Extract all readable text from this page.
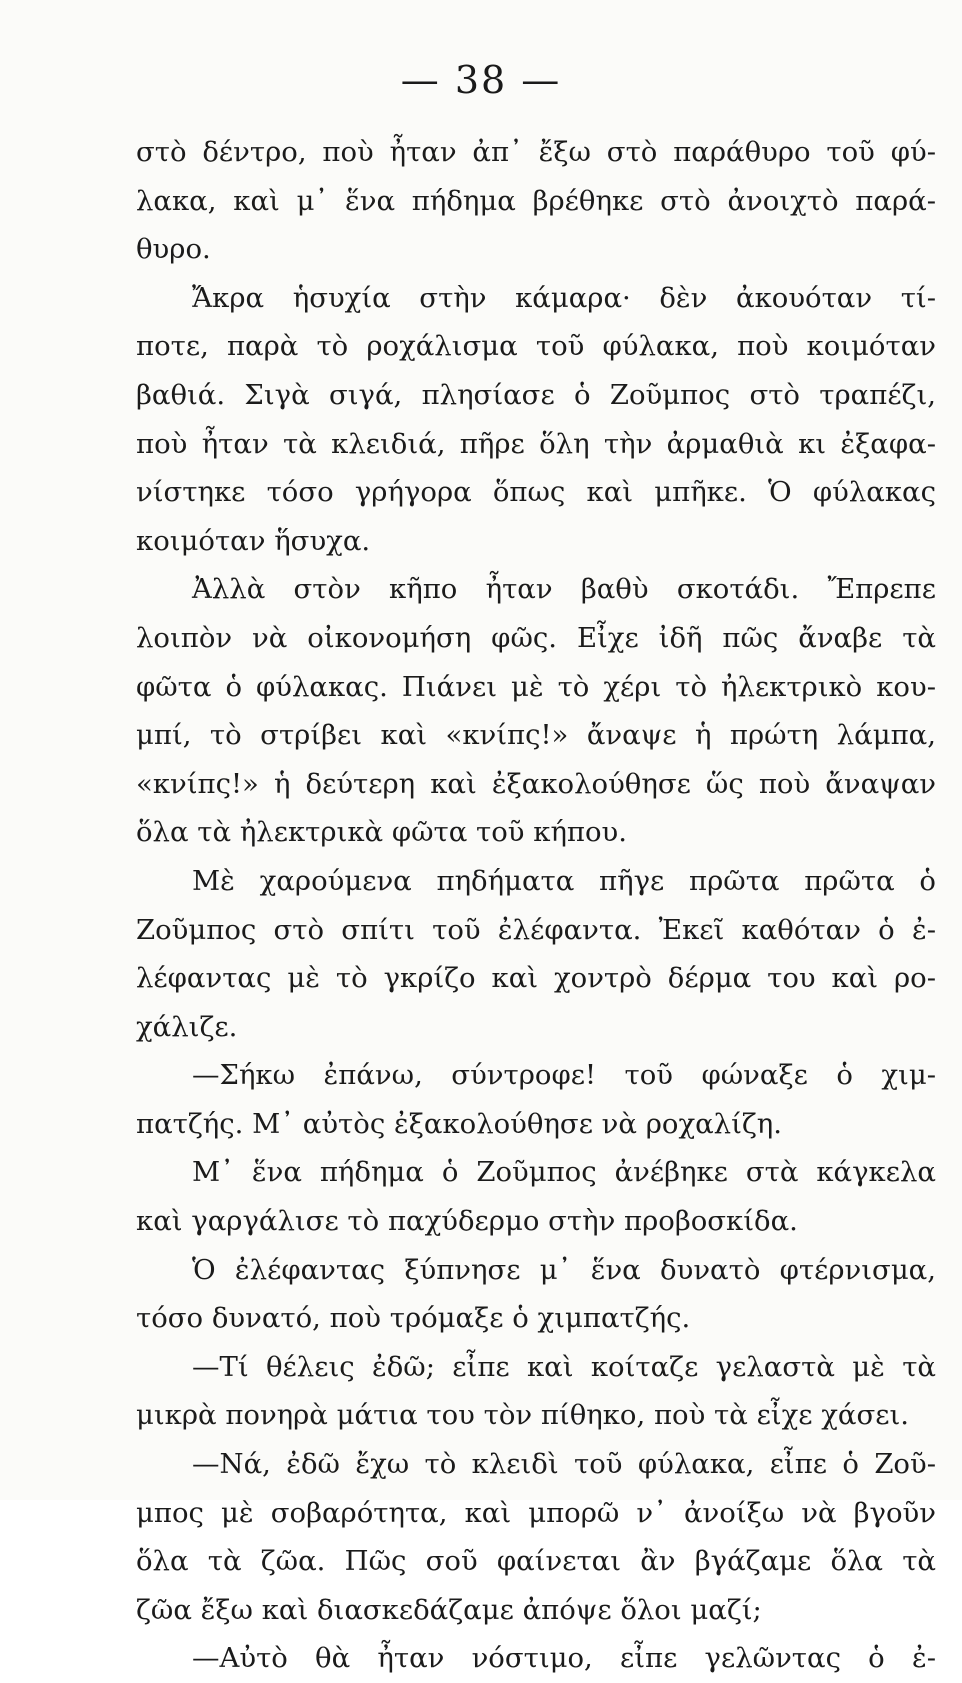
— 38 —
στὸ δέντρο, ποὺ ἦταν ἀπ᾽ ἔξω στὸ παράθυρο τοῦ φύ-
λακα, καὶ μ᾽ ἕνα πήδημα βρέθηκε στὸ ἀνοιχτὸ παρά-
θυρο.
Ἄκρα ἡσυχία στὴν κάμαρα· δὲν ἀκουόταν τί-
ποτε, παρὰ τὸ ροχάλισμα τοῦ φύλακα, ποὺ κοιμόταν
βαθιά. Σιγὰ σιγά, πλησίασε ὁ Ζοῦμπος στὸ τραπέζι,
ποὺ ἦταν τὰ κλειδιά, πῆρε ὅλη τὴν ἀρμαθιὰ κι ἐξαφα-
νίστηκε τόσο γρήγορα ὅπως καὶ μπῆκε. Ὁ φύλακας
κοιμόταν ἥσυχα.
Ἀλλὰ στὸν κῆπο ἦταν βαθὺ σκοτάδι. Ἔπρεπε
λοιπὸν νὰ οἰκονομήση φῶς. Εἶχε ἰδῆ πῶς ἄναβε τὰ
φῶτα ὁ φύλακας. Πιάνει μὲ τὸ χέρι τὸ ἠλεκτρικὸ κου-
μπί, τὸ στρίβει καὶ «κνίπς!» ἄναψε ἡ πρώτη λάμπα,
«κνίπς!» ἡ δεύτερη καὶ ἐξακολούθησε ὥς ποὺ ἄναψαν
ὅλα τὰ ἠλεκτρικὰ φῶτα τοῦ κήπου.
Μὲ χαρούμενα πηδήματα πῆγε πρῶτα πρῶτα ὁ
Ζοῦμπος στὸ σπίτι τοῦ ἐλέφαντα. Ἐκεῖ καθόταν ὁ ἐ-
λέφαντας μὲ τὸ γκρίζο καὶ χοντρὸ δέρμα του καὶ ρο-
χάλιζε.
—Σήκω ἐπάνω, σύντροφε! τοῦ φώναξε ὁ χιμ-
πατζής. Μ᾽ αὐτὸς ἐξακολούθησε νὰ ροχαλίζη.
Μ᾽ ἕνα πήδημα ὁ Ζοῦμπος ἀνέβηκε στὰ κάγκελα
καὶ γαργάλισε τὸ παχύδερμο στὴν προβοσκίδα.
Ὁ ἐλέφαντας ξύπνησε μ᾽ ἕνα δυνατὸ φτέρνισμα,
τόσο δυνατό, ποὺ τρόμαξε ὁ χιμπατζής.
—Τί θέλεις ἐδῶ; εἶπε καὶ κοίταζε γελαστὰ μὲ τὰ
μικρὰ πονηρὰ μάτια του τὸν πίθηκο, ποὺ τὰ εἶχε χάσει.
—Νά, ἐδῶ ἔχω τὸ κλειδὶ τοῦ φύλακα, εἶπε ὁ Ζοῦ-
μπος μὲ σοβαρότητα, καὶ μπορῶ ν᾽ ἀνοίξω νὰ βγοῦν
ὅλα τὰ ζῶα. Πῶς σοῦ φαίνεται ἂν βγάζαμε ὅλα τὰ
ζῶα ἔξω καὶ διασκεδάζαμε ἀπόψε ὅλοι μαζί;
—Αὐτὸ θὰ ἦταν νόστιμο, εἶπε γελῶντας ὁ ἐ-
